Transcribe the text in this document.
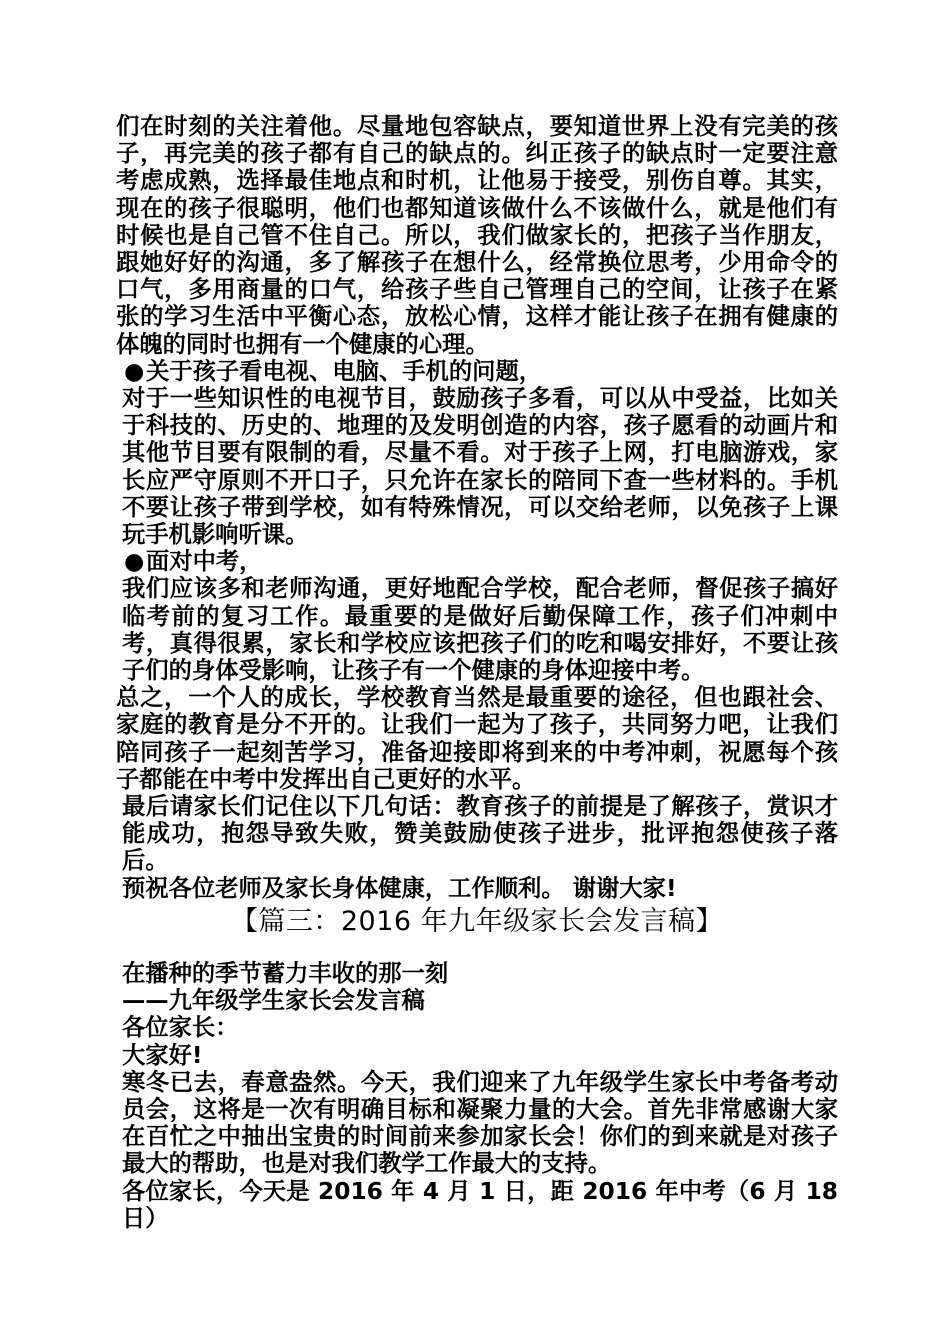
们在时刻的关注着他。尽量地包容缺点，要知道世界上没有完美的孩子，再完美的孩子都有自己的缺点的。纠正孩子的缺点时一定要注意考虑成熟，选择最佳地点和时机，让他易于接受，别伤自尊。其实，现在的孩子很聪明，他们也都知道该做什么不该做什么，就是他们有时候也是自己管不住自己。所以，我们做家长的，把孩子当作朋友，跟她好好的沟通，多了解孩子在想什么，经常换位思考，少用命令的口气，多用商量的口气，给孩子些自己管理自己的空间，让孩子在紧张的学习生活中平衡心态，放松心情，这样才能让孩子在拥有健康的体魄的同时也拥有一个健康的心理。

●关于孩子看电视、电脑、手机的问题，

对于一些知识性的电视节目，鼓励孩子多看，可以从中受益，比如关于科技的、历史的、地理的及发明创造的内容，孩子愿看的动画片和其他节目要有限制的看，尽量不看。对于孩子上网，打电脑游戏，家长应严守原则不开口子，只允许在家长的陪同下查一些材料的。手机不要让孩子带到学校，如有特殊情况，可以交给老师，以免孩子上课玩手机影响听课。

●面对中考，

我们应该多和老师沟通，更好地配合学校，配合老师，督促孩子搞好临考前的复习工作。最重要的是做好后勤保障工作，孩子们冲刺中考，真得很累，家长和学校应该把孩子们的吃和喝安排好，不要让孩子们的身体受影响，让孩子有一个健康的身体迎接中考。

总之，一个人的成长，学校教育当然是最重要的途径，但也跟社会、家庭的教育是分不开的。让我们一起为了孩子，共同努力吧，让我们陪同孩子一起刻苦学习，准备迎接即将到来的中考冲刺，祝愿每个孩子都能在中考中发挥出自己更好的水平。

最后请家长们记住以下几句话：教育孩子的前提是了解孩子，赏识才能成功，抱怨导致失败，赞美鼓励使孩子进步，批评抱怨使孩子落后。

预祝各位老师及家长身体健康，工作顺利。 谢谢大家!

【篇三：2016 年九年级家长会发言稿】

在播种的季节蓄力丰收的那一刻

——九年级学生家长会发言稿

各位家长：

大家好!

寒冬已去，春意盎然。今天，我们迎来了九年级学生家长中考备考动员会，这将是一次有明确目标和凝聚力量的大会。首先非常感谢大家在百忙之中抽出宝贵的时间前来参加家长会！你们的到来就是对孩子最大的帮助，也是对我们教学工作最大的支持。

各位家长，今天是 2016 年 4 月 1 日，距 2016 年中考（6 月 18 日）
